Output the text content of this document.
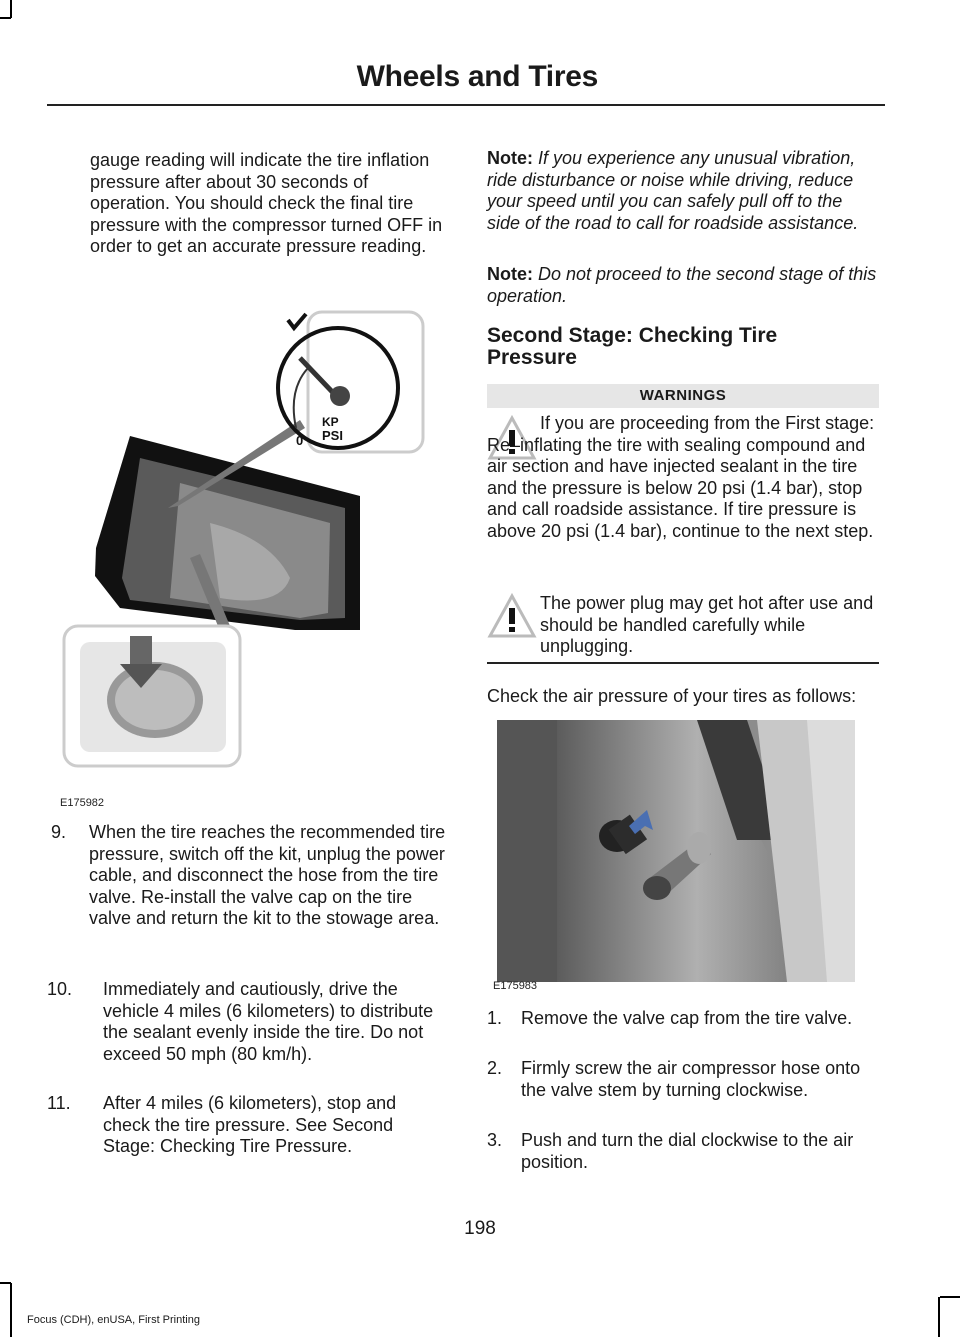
Wheels and Tires
gauge reading will indicate the tire inflation pressure after about 30 seconds of operation. You should check the final tire pressure with the compressor turned OFF in order to get an accurate pressure reading.
KP
PSI
0
E175982
9. When the tire reaches the recommended tire pressure, switch off the kit, unplug the power cable, and disconnect the hose from the tire valve. Re-install the valve cap on the tire valve and return the kit to the stowage area.
10. Immediately and cautiously, drive the vehicle 4 miles (6 kilometers) to distribute the sealant evenly inside the tire. Do not exceed 50 mph (80 km/h).
11. After 4 miles (6 kilometers), stop and check the tire pressure. See Second Stage: Checking Tire Pressure.
Note: If you experience any unusual vibration, ride disturbance or noise while driving, reduce your speed until you can safely pull off to the side of the road to call for roadside assistance.
Note: Do not proceed to the second stage of this operation.
Second Stage: Checking Tire Pressure
WARNINGS
If you are proceeding from the First stage: Re–inflating the tire with sealing compound and air section and have injected sealant in the tire and the pressure is below 20 psi (1.4 bar), stop and call roadside assistance. If tire pressure is above 20 psi (1.4 bar), continue to the next step.
The power plug may get hot after use and should be handled carefully while unplugging.
Check the air pressure of your tires as follows:
E175983
1. Remove the valve cap from the tire valve.
2. Firmly screw the air compressor hose onto the valve stem by turning clockwise.
3. Push and turn the dial clockwise to the air position.
198
Focus (CDH), enUSA, First Printing
